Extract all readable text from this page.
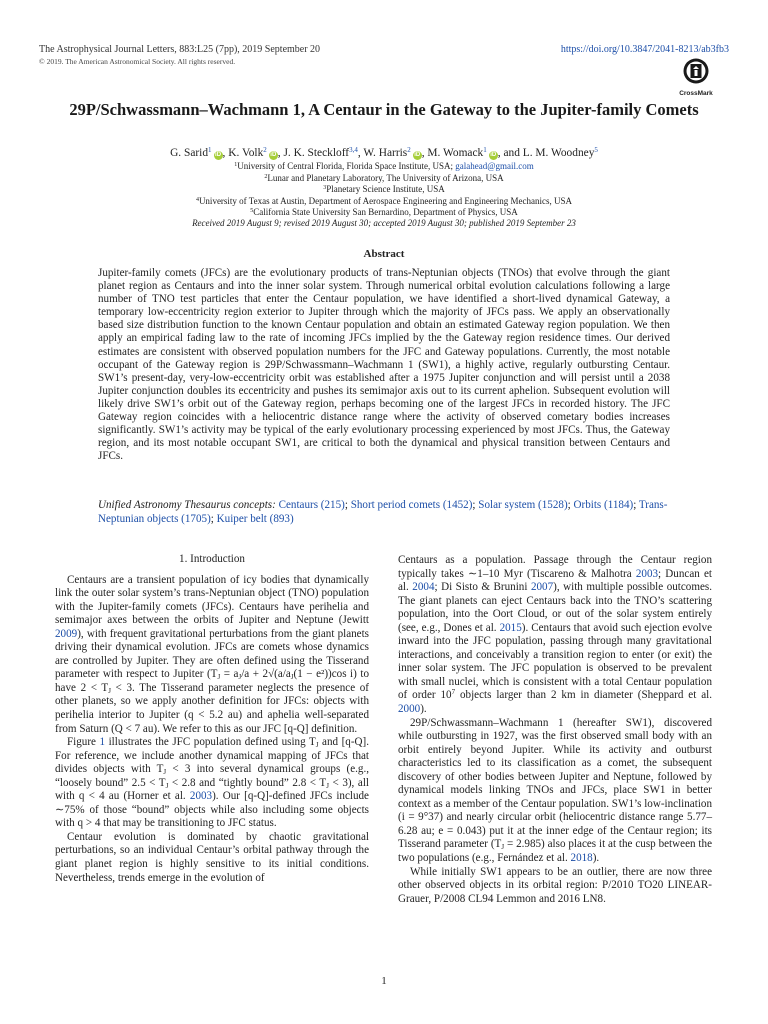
The Astrophysical Journal Letters, 883:L25 (7pp), 2019 September 20
© 2019. The American Astronomical Society. All rights reserved.
https://doi.org/10.3847/2041-8213/ab3fb3
CrossMark
29P/Schwassmann–Wachmann 1, A Centaur in the Gateway to the Jupiter-family Comets
G. Sarid$^1$iD , K. Volk$^2$iD , J. K. Steckloff$^{3,4}$, W. Harris$^2$iD , M. Womack$^1$iD , and L. M. Woodney$^5$
$^1$University of Central Florida, Florida Space Institute, USA; galahead@gmail.com
$^2$Lunar and Planetary Laboratory, The University of Arizona, USA
$^3$Planetary Science Institute, USA
$^4$University of Texas at Austin, Department of Aerospace Engineering and Engineering Mechanics, USA
$^5$California State University San Bernardino, Department of Physics, USA
Received 2019 August 9; revised 2019 August 30; accepted 2019 August 30; published 2019 September 23
Abstract

Jupiter-family comets (JFCs) are the evolutionary products of trans-Neptunian objects (TNOs) that evolve through the giant planet region as Centaurs and into the inner solar system. Through numerical orbital evolution calculations following a large number of TNO test particles that enter the Centaur population, we have identified a short-lived dynamical Gateway, a temporary low-eccentricity region exterior to Jupiter through which the majority of JFCs pass. We apply an observationally based size distribution function to the known Centaur population and obtain an estimated Gateway region population. We then apply an empirical fading law to the rate of incoming JFCs implied by the the Gateway region residence times. Our derived estimates are consistent with observed population numbers for the JFC and Gateway populations. Currently, the most notable occupant of the Gateway region is 29P/Schwassmann–Wachmann 1 (SW1), a highly active, regularly outbursting Centaur. SW1’s present-day, very-low-eccentricity orbit was established after a 1975 Jupiter conjunction and will persist until a 2038 Jupiter conjunction doubles its eccentricity and pushes its semimajor axis out to its current aphelion. Subsequent evolution will likely drive SW1’s orbit out of the Gateway region, perhaps becoming one of the largest JFCs in recorded history. The JFC Gateway region coincides with a heliocentric distance range where the activity of observed cometary bodies increases significantly. SW1’s activity may be typical of the early evolutionary processing experienced by most JFCs. Thus, the Gateway region, and its most notable occupant SW1, are critical to both the dynamical and physical transition between Centaurs and JFCs.

Unified Astronomy Thesaurus concepts: Centaurs (215); Short period comets (1452); Solar system (1528); Orbits (1184); Trans-Neptunian objects (1705); Kuiper belt (893)
1. Introduction

Centaurs are a transient population of icy bodies that dynamically link the outer solar system’s trans-Neptunian object (TNO) population with the Jupiter-family comets (JFCs). Centaurs have perihelia and semimajor axes between the orbits of Jupiter and Neptune (Jewitt 2009), with frequent gravitational perturbations from the giant planets driving their dynamical evolution. JFCs are comets whose dynamics are controlled by Jupiter. They are often defined using the Tisserand parameter with respect to Jupiter ($T_J = a_J/a + 2√(a/a_J(1 - e^2))\cos$ i) to have $2 < T_J < 3$. The Tisserand parameter neglects the presence of other planets, so we apply another definition for JFCs: objects with perihelia interior to Jupiter (q < 5.2 au) and aphelia well-separated from Saturn (Q < 7 au). We refer to this as our JFC [q-Q] definition.

Figure 1 illustrates the JFC population defined using $T_J$ and [q-Q]. For reference, we include another dynamical mapping of JFCs that divides objects with $T_J < 3$ into several dynamical groups (e.g., “loosely bound” $2.5 < T_J < 2.8$ and “tightly bound” $2.8 < T_J < 3$), all with q < 4 au (Horner et al. 2003). Our [q-Q]-defined JFCs include ∼75% of those “bound” objects while also including some objects with q > 4 that may be transitioning to JFC status.

Centaur evolution is dominated by chaotic gravitational perturbations, so an individual Centaur’s orbital pathway through the giant planet region is highly sensitive to its initial conditions. Nevertheless, trends emerge in the evolution of

Centaurs as a population. Passage through the Centaur region typically takes ∼1–10 Myr (Tiscareno & Malhotra 2003; Duncan et al. 2004; Di Sisto & Brunini 2007), with multiple possible outcomes. The giant planets can eject Centaurs back into the TNO’s scattering population, into the Oort Cloud, or out of the solar system entirely (see, e.g., Dones et al. 2015). Centaurs that avoid such ejection evolve inward into the JFC population, passing through many gravitational interactions, and conceivably a transition region to enter (or exit) the inner solar system. The JFC population is observed to be prevalent with small nuclei, which is consistent with a total Centaur population of order $10^7$ objects larger than 2 km in diameter (Sheppard et al. 2000).

29P/Schwassmann–Wachmann 1 (hereafter SW1), discovered while outbursting in 1927, was the first observed small body with an orbit entirely beyond Jupiter. While its activity and outburst characteristics led to its classification as a comet, the subsequent discovery of other bodies between Jupiter and Neptune, followed by dynamical models linking TNOs and JFCs, place SW1 in better context as a member of the Centaur population. SW1’s low-inclination (i = 9°37) and nearly circular orbit (heliocentric distance range 5.77–6.28 au; e = 0.043) put it at the inner edge of the Centaur region; its Tisserand parameter $(T_J = 2.985)$ also places it at the cusp between the two populations (e.g., Fernández et al. 2018).

While initially SW1 appears to be an outlier, there are now three other observed objects in its orbital region: P/2010 TO20 LINEAR-Grauer, P/2008 CL94 Lemmon and 2016 LN8.

1
